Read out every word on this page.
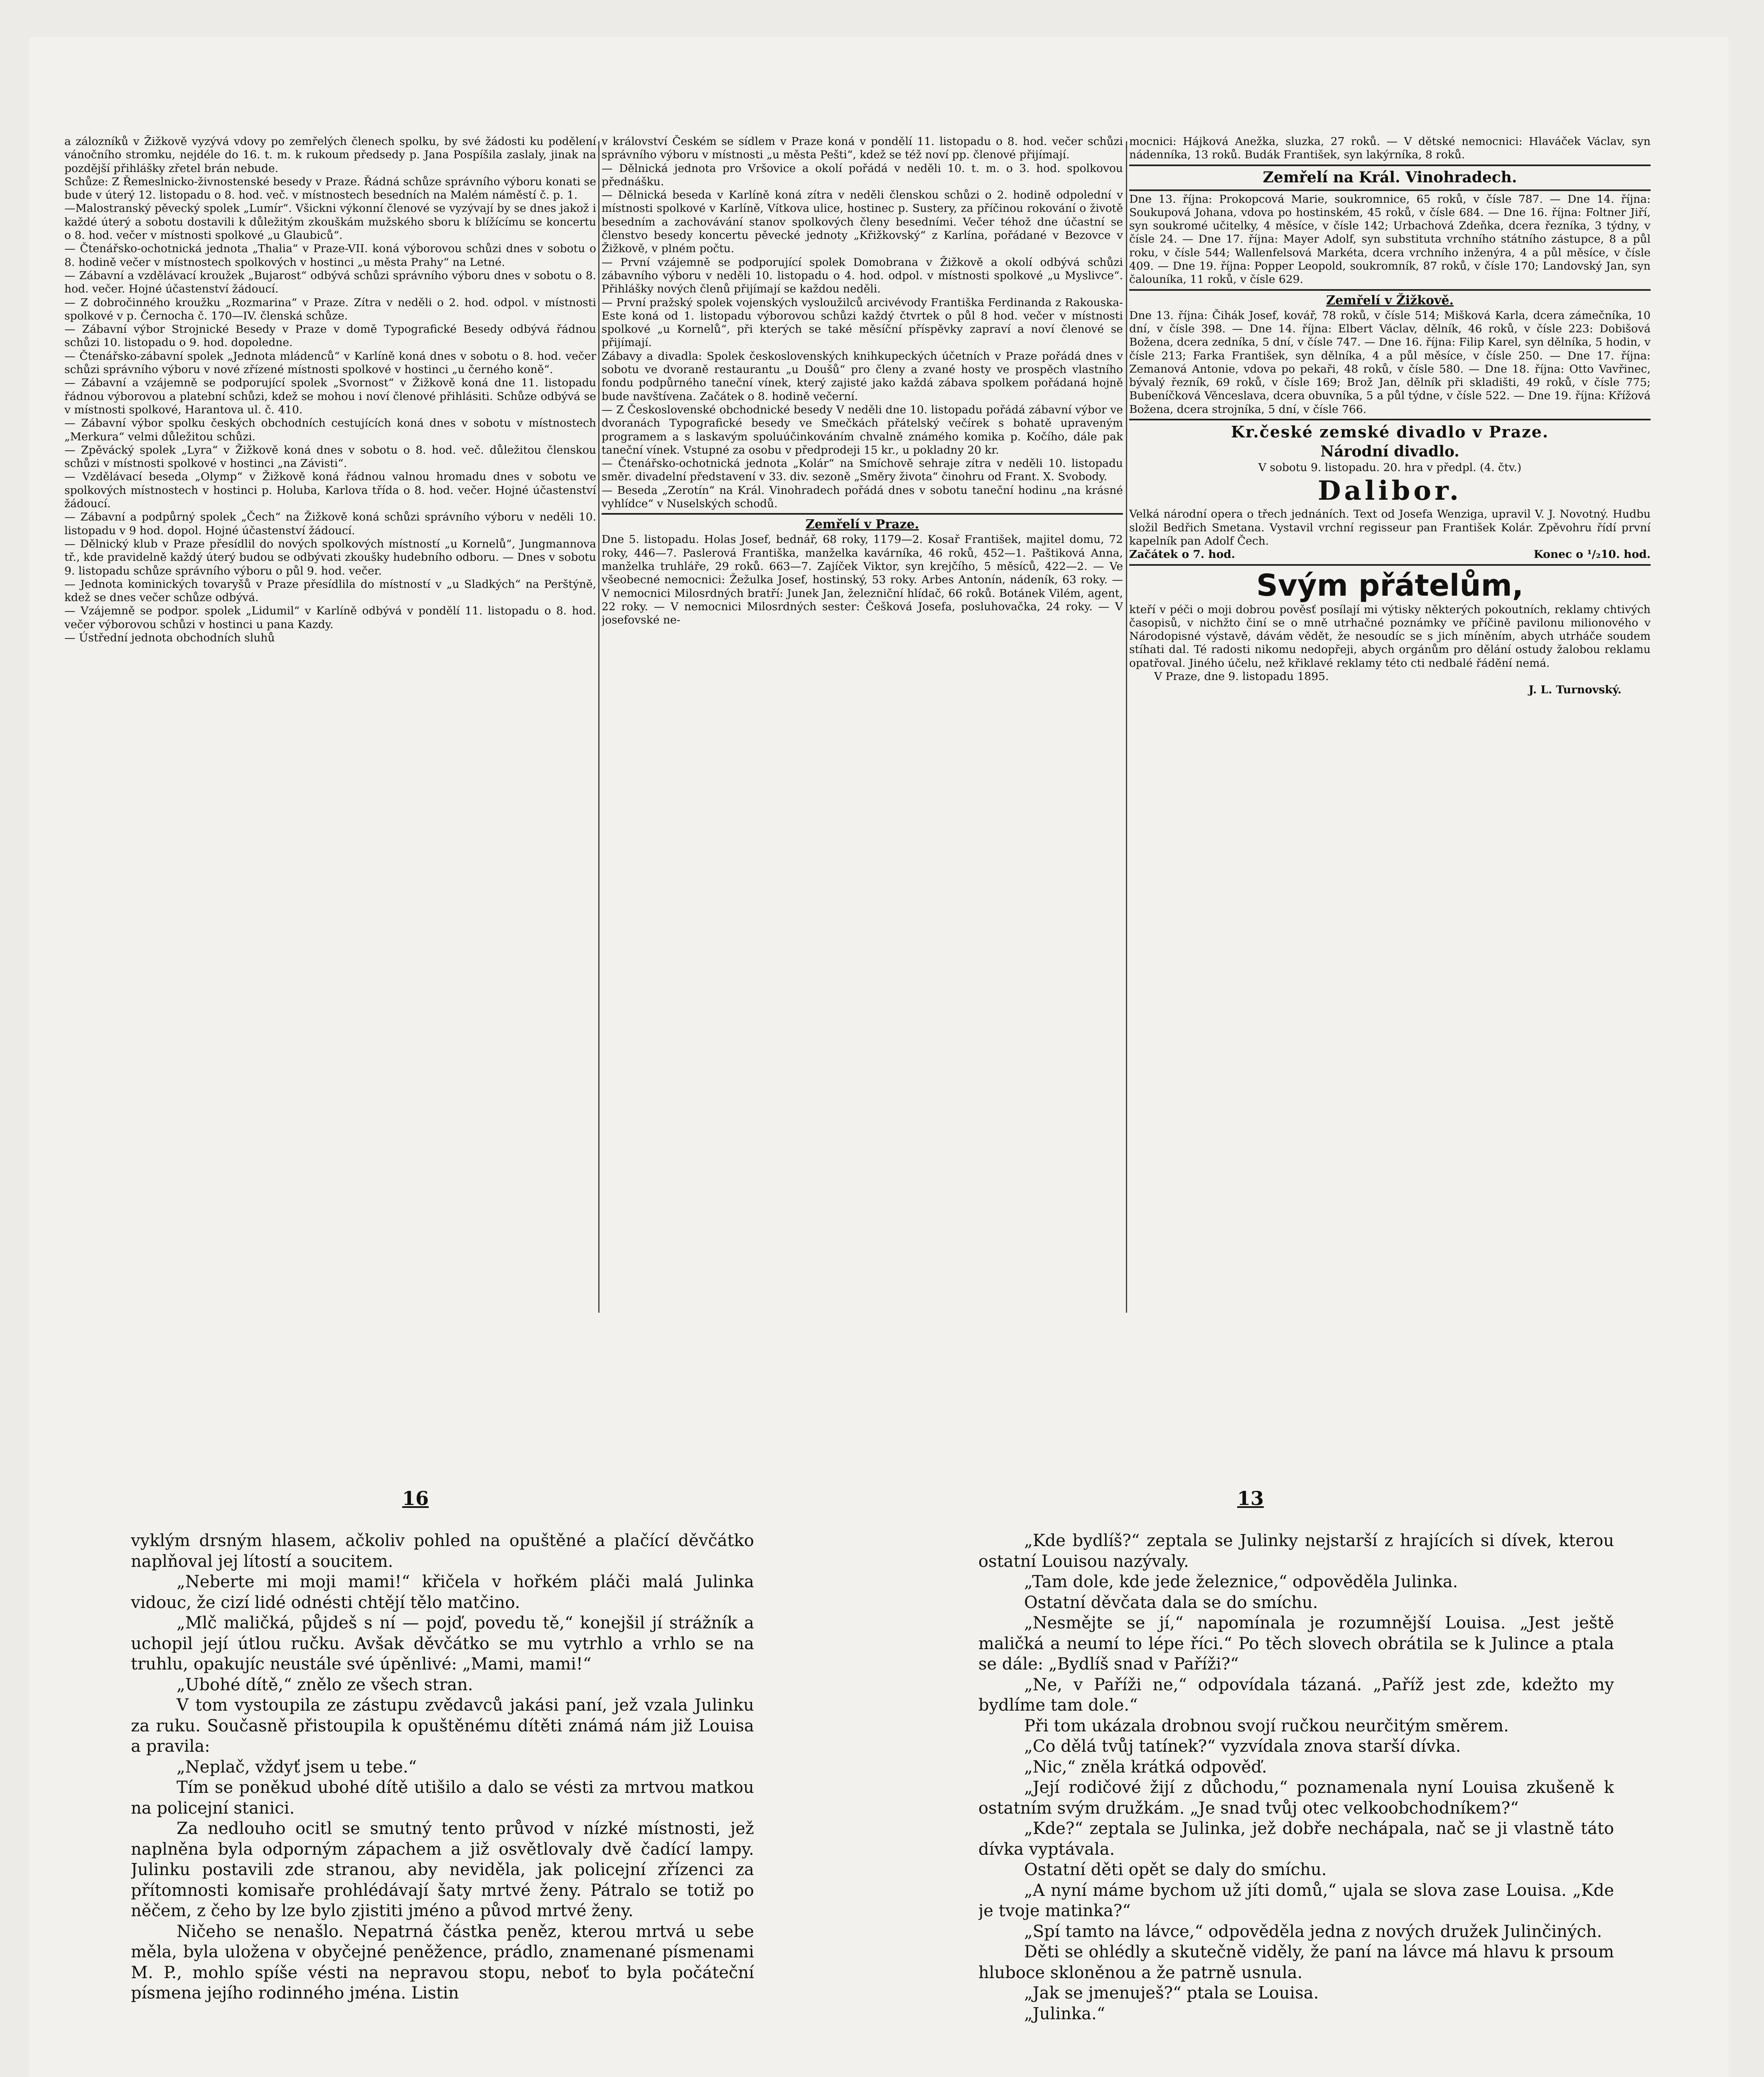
a zálozníků v Žižkově vyzývá vdovy po zemřelých členech spolku, by své žádosti ku podělení vánočního stromku, nejdéle do 16. t. m. k rukoum předsedy p. Jana Pospíšila zaslaly, jinak na pozdější přihlášky zřetel brán nebude.

Schůze: Z Řemeslnicko-živnostenské besedy v Praze. Řádná schůze správního výboru konati se bude v úterý 12. listopadu o 8. hod. več. v místnostech besedních na Malém náměstí č. p. 1.

—Malostranský pěvecký spolek „Lumír“. Všickni výkonní členové se vyzývají by se dnes jakož i každé úterý a sobotu dostavili k důležitým zkouškám mužského sboru k blížícímu se koncertu o 8. hod. večer v místnosti spolkové „u Glaubiců“.

— Čtenářsko-ochotnická jednota „Thalia“ v Praze-VII. koná výborovou schůzi dnes v sobotu o 8. hodině večer v místnostech spolkových v hostinci „u města Prahy“ na Letné.

— Zábavní a vzdělávací kroužek „Bujarost“ odbývá schůzi správního výboru dnes v sobotu o 8. hod. večer. Hojné účastenství žádoucí.

— Z dobročinného kroužku „Rozmarina“ v Praze. Zítra v neděli o 2. hod. odpol. v místnosti spolkové v p. Černocha č. 170—IV. členská schůze.

— Zábavní výbor Strojnické Besedy v Praze v domě Typografické Besedy odbývá řádnou schůzi 10. listopadu o 9. hod. dopoledne.

— Čtenářsko-zábavní spolek „Jednota mládenců“ v Karlíně koná dnes v sobotu o 8. hod. večer schůzi správního výboru v nové zřízené místnosti spolkové v hostinci „u černého koně“.

— Zábavní a vzájemně se podporující spolek „Svornost“ v Žižkově koná dne 11. listopadu řádnou výborovou a platební schůzi, kdež se mohou i noví členové přihlásiti. Schůze odbývá se v místnosti spolkové, Harantova ul. č. 410.

— Zábavní výbor spolku českých obchodních cestujících koná dnes v sobotu v místnostech „Merkura“ velmi důležitou schůzi.

— Zpěvácký spolek „Lyra“ v Žižkově koná dnes v sobotu o 8. hod. več. důležitou členskou schůzi v místnosti spolkové v hostinci „na Závisti“.

— Vzdělávací beseda „Olymp“ v Žižkově koná řádnou valnou hromadu dnes v sobotu ve spolkových místnostech v hostinci p. Holuba, Karlova třída o 8. hod. večer. Hojné účastenství žádoucí.

— Zábavní a podpůrný spolek „Čech“ na Žižkově koná schůzi správního výboru v neděli 10. listopadu v 9 hod. dopol. Hojné účastenství žádoucí.

— Dělnický klub v Praze přesídlil do nových spolkových místností „u Kornelů“, Jungmannova tř., kde pravidelně každý úterý budou se odbývati zkoušky hudebního odboru. — Dnes v sobotu 9. listopadu schůze správního výboru o půl 9. hod. večer.

— Jednota kominických tovaryšů v Praze přesídlila do místností v „u Sladkých“ na Perštýně, kdež se dnes večer schůze odbývá.

— Vzájemně se podpor. spolek „Lidumil“ v Karlíně odbývá v pondělí 11. listopadu o 8. hod. večer výborovou schůzi v hostinci u pana Kazdy.

— Ústřední jednota obchodních sluhů

v království Českém se sídlem v Praze koná v pondělí 11. listopadu o 8. hod. večer schůzi správního výboru v místnosti „u města Pešti“, kdež se též noví pp. členové přijímají.

— Dělnická jednota pro Vršovice a okolí pořádá v neděli 10. t. m. o 3. hod. spolkovou přednášku.

— Dělnická beseda v Karlíně koná zítra v neděli členskou schůzi o 2. hodině odpolední v místnosti spolkové v Karlíně, Vítkova ulice, hostinec p. Sustery, za příčinou rokování o životě besedním a zachovávání stanov spolkových členy besedními. Večer téhož dne účastní se členstvo besedy koncertu pěvecké jednoty „Křižkovský“ z Karlína, pořádané v Bezovce v Žižkově, v plném počtu.

— První vzájemně se podporující spolek Domobrana v Žižkově a okolí odbývá schůzi zábavního výboru v neděli 10. listopadu o 4. hod. odpol. v místnosti spolkové „u Myslivce“. Přihlášky nových členů přijímají se každou neděli.

— První pražský spolek vojenských vysloužilců arcivévody Františka Ferdinanda z Rakouska-Este koná od 1. listopadu výborovou schůzi každý čtvrtek o půl 8 hod. večer v místnosti spolkové „u Kornelů“, při kterých se také měsíční příspěvky zapraví a noví členové se přijímají.

Zábavy a divadla: Spolek československých knihkupeckých účetních v Praze pořádá dnes v sobotu ve dvoraně restaurantu „u Doušů“ pro členy a zvané hosty ve prospěch vlastního fondu podpůrného taneční vínek, který zajisté jako každá zábava spolkem pořádaná hojně bude navštívena. Začátek o 8. hodině večerní.

— Z Československé obchodnické besedy V neděli dne 10. listopadu pořádá zábavní výbor ve dvoranách Typografické besedy ve Smečkách přátelský večírek s bohatě upraveným programem a s laskavým spoluúčinkováním chvalně známého komika p. Kočího, dále pak taneční vínek. Vstupné za osobu v předprodeji 15 kr., u pokladny 20 kr.

— Čtenářsko-ochotnická jednota „Kolár“ na Smíchově sehraje zítra v neděli 10. listopadu směr. divadelní představení v 33. div. sezoně „Směry života“ činohru od Frant. X. Svobody.

— Beseda „Zerotín“ na Král. Vinohradech pořádá dnes v sobotu taneční hodinu „na krásné vyhlídce“ v Nuselských schodů.

Zemřelí v Praze.

Dne 5. listopadu. Holas Josef, bednář, 68 roky, 1179—2. Kosař František, majitel domu, 72 roky, 446—7. Paslerová Františka, manželka kavárníka, 46 roků, 452—1. Paštiková Anna, manželka truhláře, 29 roků. 663—7. Zajíček Viktor, syn krejčího, 5 měsíců, 422—2. — Ve všeobecné nemocnici: Žežulka Josef, hostinský, 53 roky. Arbes Antonín, nádeník, 63 roky. — V nemocnici Milosrdných bratří: Junek Jan, železniční hlídač, 66 roků. Botánek Vilém, agent, 22 roky. — V nemocnici Milosrdných sester: Češková Josefa, posluhovačka, 24 roky. — V josefovské ne-

mocnici: Hájková Anežka, sluzka, 27 roků. — V dětské nemocnici: Hlaváček Václav, syn nádenníka, 13 roků. Budák František, syn lakýrníka, 8 roků.

Zemřelí na Král. Vinohradech.

Dne 13. října: Prokopcová Marie, soukromnice, 65 roků, v čísle 787. — Dne 14. října: Soukupová Johana, vdova po hostinském, 45 roků, v čísle 684. — Dne 16. října: Foltner Jiří, syn soukromé učitelky, 4 měsíce, v čísle 142; Urbachová Zdeňka, dcera řezníka, 3 týdny, v čísle 24. — Dne 17. října: Mayer Adolf, syn substituta vrchního státního zástupce, 8 a půl roku, v čísle 544; Wallenfelsová Markéta, dcera vrchního inženýra, 4 a půl měsíce, v čísle 409. — Dne 19. října: Popper Leopold, soukromník, 87 roků, v čísle 170; Landovský Jan, syn čalouníka, 11 roků, v čísle 629.

Zemřelí v Žižkově.

Dne 13. října: Čihák Josef, kovář, 78 roků, v čísle 514; Mišková Karla, dcera zámečníka, 10 dní, v čísle 398. — Dne 14. října: Elbert Václav, dělník, 46 roků, v čísle 223: Dobišová Božena, dcera zedníka, 5 dní, v čísle 747. — Dne 16. října: Filip Karel, syn dělníka, 5 hodin, v čísle 213; Farka František, syn dělníka, 4 a půl měsíce, v čísle 250. — Dne 17. října: Zemanová Antonie, vdova po pekaři, 48 roků, v čísle 580. — Dne 18. října: Otto Vavřinec, bývalý řezník, 69 roků, v čísle 169; Brož Jan, dělník při skladišti, 49 roků, v čísle 775; Bubeníčková Věnceslava, dcera obuvníka, 5 a půl týdne, v čísle 522. — Dne 19. října: Křížová Božena, dcera strojníka, 5 dní, v čísle 766.

Kr.české zemské divadlo v Praze.

Národní divadlo.

V sobotu 9. listopadu. 20. hra v předpl. (4. čtv.)

Dalibor.

Velká národní opera o třech jednáních. Text od Josefa Wenziga, upravil V. J. Novotný. Hudbu složil Bedřich Smetana. Vystavil vrchní regisseur pan František Kolár. Zpěvohru řídí první kapelník pan Adolf Čech.

Začátek o 7. hod.	Konec o ¹/₂10. hod.

Svým přátelům,

kteří v péči o moji dobrou pověsť posílají mi výtisky některých pokoutních, reklamy chtivých časopisů, v nichžto činí se o mně utrhačné poznámky ve příčině pavilonu milionového v Národopisné výstavě, dávám vědět, že nesoudíc se s jich míněním, abych utrháče soudem stíhati dal. Té radosti nikomu nedopřeji, abych orgánům pro dělání ostudy žalobou reklamu opatřoval. Jiného účelu, než křiklavé reklamy této cti nedbalé řádění nemá.

V Praze, dne 9. listopadu 1895.

J. L. Turnovský.

16	13

vyklým drsným hlasem, ačkoliv pohled na opuštěné a plačící děvčátko naplňoval jej lítostí a soucitem.

„Neberte mi moji mami!“ křičela v hořkém pláči malá Julinka vidouc, že cizí lidé odnésti chtějí tělo matčino.

„Mlč maličká, půjdeš s ní — pojď, povedu tě,“ konejšil jí strážník a uchopil její útlou ručku. Avšak děvčátko se mu vytrhlo a vrhlo se na truhlu, opakujíc neustále své úpěnlivé: „Mami, mami!“

„Ubohé dítě,“ znělo ze všech stran.

V tom vystoupila ze zástupu zvědavců jakási paní, jež vzala Julinku za ruku. Současně přistoupila k opuštěnému dítěti známá nám již Louisa a pravila:

„Neplač, vždyť jsem u tebe.“

Tím se poněkud ubohé dítě utišilo a dalo se vésti za mrtvou matkou na policejní stanici.

Za nedlouho ocitl se smutný tento průvod v nízké místnosti, jež naplněna byla odporným zápachem a již osvětlovaly dvě čadící lampy. Julinku postavili zde stranou, aby neviděla, jak policejní zřízenci za přítomnosti komisaře prohlédávají šaty mrtvé ženy. Pátralo se totiž po něčem, z čeho by lze bylo zjistiti jméno a původ mrtvé ženy.

Ničeho se nenašlo. Nepatrná částka peněz, kterou mrtvá u sebe měla, byla uložena v obyčejné peněžence, prádlo, znamenané písmenami M. P., mohlo spíše vésti na nepravou stopu, neboť to byla počáteční písmena jejího rodinného jména. Listin

„Kde bydlíš?“ zeptala se Julinky nejstarší z hrajících si dívek, kterou ostatní Louisou nazývaly.

„Tam dole, kde jede železnice,“ odpověděla Julinka.

Ostatní děvčata dala se do smíchu.

„Nesmějte se jí,“ napomínala je rozumnější Louisa. „Jest ještě maličká a neumí to lépe říci.“ Po těch slovech obrátila se k Julince a ptala se dále: „Bydlíš snad v Paříži?“

„Ne, v Paříži ne,“ odpovídala tázaná. „Paříž jest zde, kdežto my bydlíme tam dole.“

Při tom ukázala drobnou svojí ručkou neurčitým směrem.

„Co dělá tvůj tatínek?“ vyzvídala znova starší dívka.

„Nic,“ zněla krátká odpověď.

„Její rodičové žijí z důchodu,“ poznamenala nyní Louisa zkušeně k ostatním svým družkám. „Je snad tvůj otec velkoobchodníkem?“

„Kde?“ zeptala se Julinka, jež dobře nechápala, nač se ji vlastně táto dívka vyptávala.

Ostatní děti opět se daly do smíchu.

„A nyní máme bychom už jíti domů,“ ujala se slova zase Louisa. „Kde je tvoje matinka?“

„Spí tamto na lávce,“ odpověděla jedna z nových družek Julinčiných.

Děti se ohlédly a skutečně viděly, že paní na lávce má hlavu k prsoum hluboce skloněnou a že patrně usnula.

„Jak se jmenuješ?“ ptala se Louisa.

„Julinka.“
